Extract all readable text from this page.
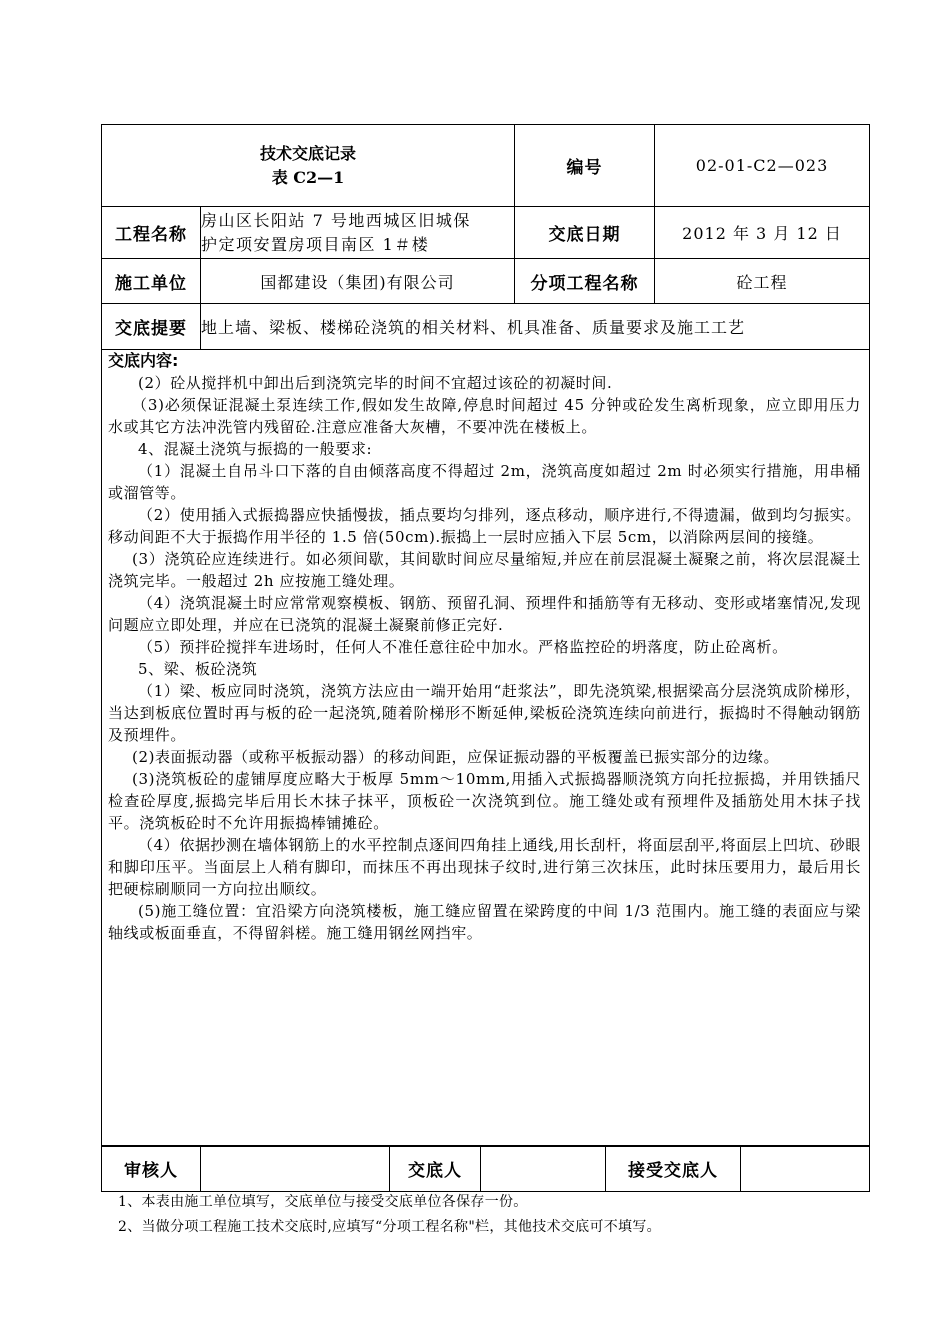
技术交底记录
表 C2—1		编号	02-01-C2—023
工程名称	房山区长阳站 7 号地西城区旧城保
护定项安置房项目南区 1＃楼	交底日期	2012 年 3 月 12 日
施工单位	国都建设（集团)有限公司	分项工程名称	砼工程
交底提要	地上墙、梁板、楼梯砼浇筑的相关材料、机具准备、质量要求及施工工艺

交底内容:

(2）砼从搅拌机中卸出后到浇筑完毕的时间不宜超过该砼的初凝时间.

（3)必须保证混凝土泵连续工作,假如发生故障,停息时间超过 45 分钟或砼发生离析现象，应立即用压力水或其它方法冲洗管内残留砼.注意应准备大灰槽，不要冲洗在楼板上。

4、混凝土浇筑与振捣的一般要求:

（1）混凝土自吊斗口下落的自由倾落高度不得超过 2m，浇筑高度如超过 2m 时必须实行措施，用串桶或溜管等。

（2）使用插入式振捣器应快插慢拔，插点要均匀排列，逐点移动，顺序进行,不得遗漏，做到均匀振实。移动间距不大于振捣作用半径的 1.5 倍(50cm).振捣上一层时应插入下层 5cm，以消除两层间的接缝。

(3）浇筑砼应连续进行。如必须间歇，其间歇时间应尽量缩短,并应在前层混凝土凝聚之前，将次层混凝土浇筑完毕。一般超过 2h 应按施工缝处理。

（4）浇筑混凝土时应常常观察模板、钢筋、预留孔洞、预埋件和插筋等有无移动、变形或堵塞情况,发现问题应立即处理，并应在已浇筑的混凝土凝聚前修正完好.

（5）预拌砼搅拌车进场时，任何人不准任意往砼中加水。严格监控砼的坍落度，防止砼离析。

5、梁、板砼浇筑

（1）梁、板应同时浇筑，浇筑方法应由一端开始用“赶浆法”，即先浇筑梁,根据梁高分层浇筑成阶梯形，当达到板底位置时再与板的砼一起浇筑,随着阶梯形不断延伸,梁板砼浇筑连续向前进行，振捣时不得触动钢筋及预埋件。

(2)表面振动器（或称平板振动器）的移动间距，应保证振动器的平板覆盖已振实部分的边缘。

(3)浇筑板砼的虚铺厚度应略大于板厚 5mm～10mm,用插入式振捣器顺浇筑方向托拉振捣，并用铁插尺检查砼厚度,振捣完毕后用长木抹子抹平，顶板砼一次浇筑到位。施工缝处或有预埋件及插筋处用木抹子找平。浇筑板砼时不允许用振捣棒铺摊砼。

（4）依据抄测在墙体钢筋上的水平控制点逐间四角挂上通线,用长刮杆，将面层刮平,将面层上凹坑、砂眼和脚印压平。当面层上人稍有脚印，而抹压不再出现抹子纹时,进行第三次抹压，此时抹压要用力，最后用长把硬棕刷顺同一方向拉出顺纹。

(5)施工缝位置：宜沿梁方向浇筑楼板，施工缝应留置在梁跨度的中间 1/3 范围内。施工缝的表面应与梁轴线或板面垂直，不得留斜槎。施工缝用钢丝网挡牢。

审核人		交底人		接受交底人	

1、本表由施工单位填写，交底单位与接受交底单位各保存一份。

2、当做分项工程施工技术交底时,应填写“分项工程名称"栏，其他技术交底可不填写。
